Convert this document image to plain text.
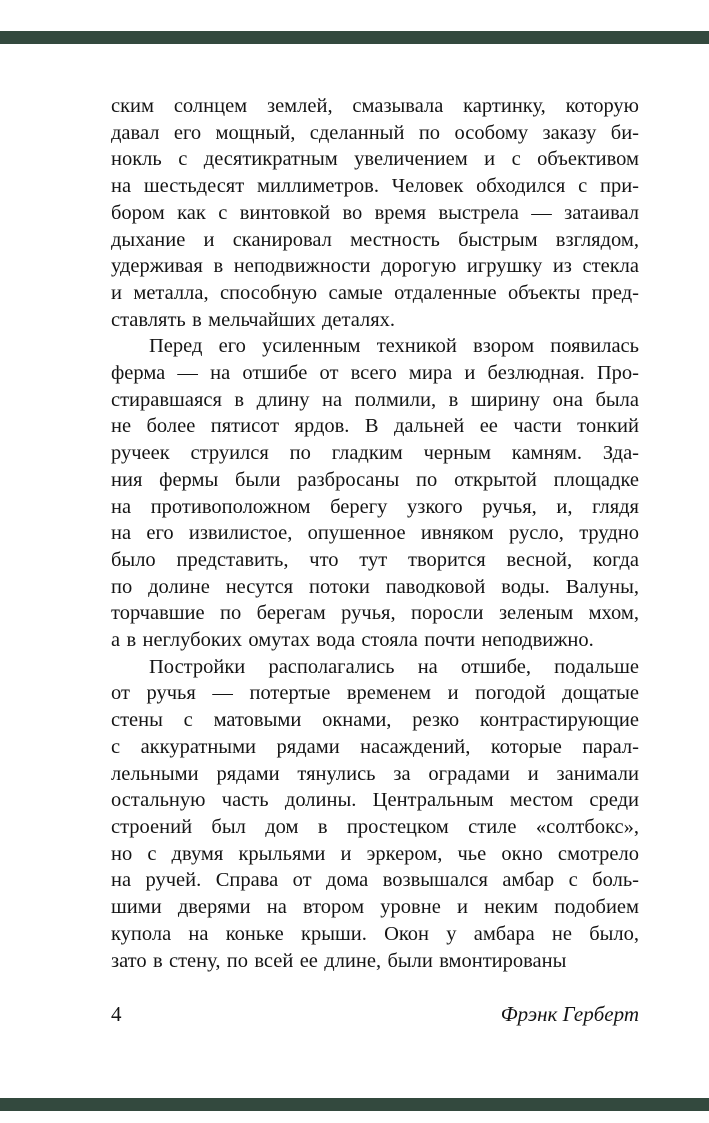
ским солнцем землей, смазывала картинку, которую
давал его мощный, сделанный по особому заказу би-
нокль с десятикратным увеличением и с объективом
на шестьдесят миллиметров. Человек обходился с при-
бором как с винтовкой во время выстрела — затаивал
дыхание и сканировал местность быстрым взглядом,
удерживая в неподвижности дорогую игрушку из стекла
и металла, способную самые отдаленные объекты пред-
ставлять в мельчайших деталях.
Перед его усиленным техникой взором появилась
ферма — на отшибе от всего мира и безлюдная. Про-
стиравшаяся в длину на полмили, в ширину она была
не более пятисот ярдов. В дальней ее части тонкий
ручеек струился по гладким черным камням. Зда-
ния фермы были разбросаны по открытой площадке
на противоположном берегу узкого ручья, и, глядя
на его извилистое, опушенное ивняком русло, трудно
было представить, что тут творится весной, когда
по долине несутся потоки паводковой воды. Валуны,
торчавшие по берегам ручья, поросли зеленым мхом,
а в неглубоких омутах вода стояла почти неподвижно.
Постройки располагались на отшибе, подальше
от ручья — потертые временем и погодой дощатые
стены с матовыми окнами, резко контрастирующие
с аккуратными рядами насаждений, которые парал-
лельными рядами тянулись за оградами и занимали
остальную часть долины. Центральным местом среди
строений был дом в простецком стиле «солтбокс»,
но с двумя крыльями и эркером, чье окно смотрело
на ручей. Справа от дома возвышался амбар с боль-
шими дверями на втором уровне и неким подобием
купола на коньке крыши. Окон у амбара не было,
зато в стену, по всей ее длине, были вмонтированы
4	Фрэнк Герберт
